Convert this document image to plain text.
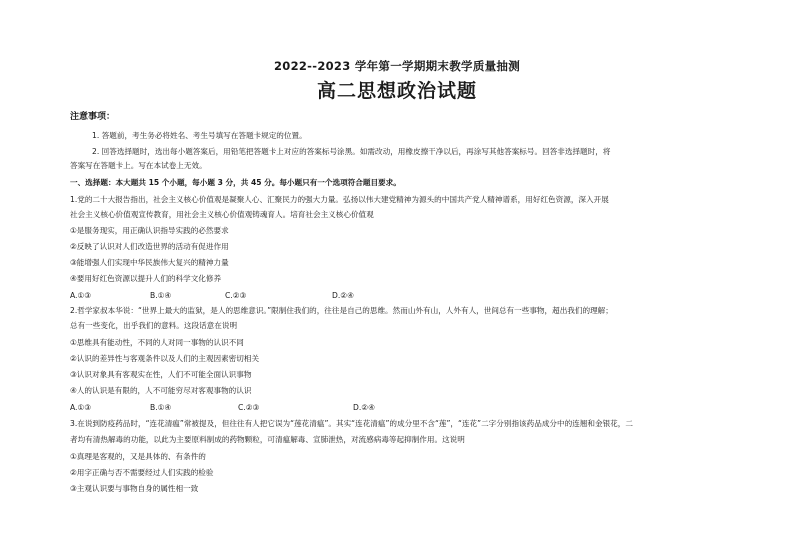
2022--2023 学年第一学期期末教学质量抽测
高二思想政治试题
注意事项：
1. 答题前，考生务必将姓名、考生号填写在答题卡规定的位置。
2. 回答选择题时，选出每小题答案后，用铅笔把答题卡上对应的答案标号涂黑。如需改动，用橡皮擦干净以后，再涂写其他答案标号。回答非选择题时，将
答案写在答题卡上。写在本试卷上无效。
一、选择题：本大题共 15 个小题，每小题 3 分，共 45 分。每小题只有一个选项符合题目要求。
1.党的二十大报告指出，社会主义核心价值观是凝聚人心、汇聚民力的强大力量。弘扬以伟大建党精神为源头的中国共产党人精神谱系，用好红色资源，深入开展
社会主义核心价值观宣传教育，用社会主义核心价值观铸魂育人。培育社会主义核心价值观
①是服务现实，用正确认识指导实践的必然要求
②反映了认识对人们改造世界的活动有促进作用
③能增强人们实现中华民族伟大复兴的精神力量
④要用好红色资源以提升人们的科学文化修养
A.①③	B.①④	C.②③	D.②④
2.哲学家叔本华说：“世界上最大的监狱，是人的思维意识。”限制住我们的，往往是自己的思维。然而山外有山，人外有人，世间总有一些事物，超出我们的理解；
总有一些变化，出乎我们的意料。这段话意在说明
①思维具有能动性，不同的人对同一事物的认识不同
②认识的差异性与客观条件以及人们的主观因素密切相关
③认识对象具有客观实在性，人们不可能全面认识事物
④人的认识是有限的，人不可能穷尽对客观事物的认识
A.①③	B.①④	C.②③	D.②④
3.在说到防疫药品时，“连花清瘟”常被提及，但往往有人把它误为“莲花清瘟”。其实“连花清瘟”的成分里不含“莲”，“连花”二字分别指该药品成分中的连翘和金银花，二
者均有清热解毒的功能，以此为主要原料制成的药物颗粒，可清瘟解毒、宣肺泄热，对流感病毒等起抑制作用。这说明
①真理是客观的，又是具体的、有条件的
②用字正确与否不需要经过人们实践的检验
③主观认识要与事物自身的属性相一致
